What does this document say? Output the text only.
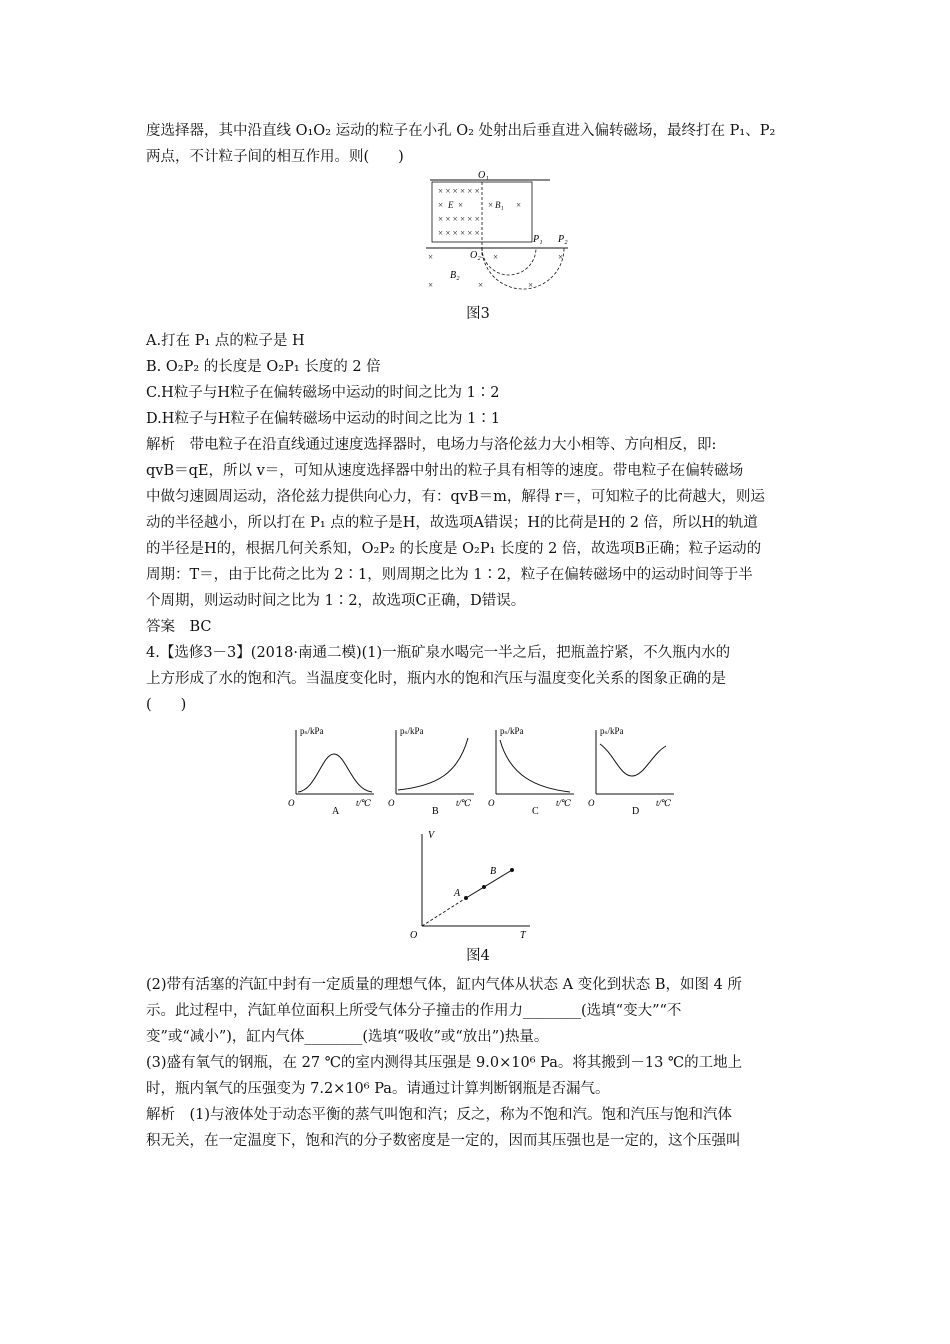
度选择器，其中沿直线 O₁O₂ 运动的粒子在小孔 O₂ 处射出后垂直进入偏转磁场，最终打在 P₁、P₂
两点，不计粒子间的相互作用。则(　　)
O₁
× × × × × ×
× E ×	× B₁ ×
× × × × × ×
× × × × × ×
P₁ P₂
O₂
×	×	×
×	×	×
B₂
图3
A.打在 P₁ 点的粒子是 H
B. O₂P₂ 的长度是 O₂P₁ 长度的 2 倍
C.H粒子与H粒子在偏转磁场中运动的时间之比为 1∶2
D.H粒子与H粒子在偏转磁场中运动的时间之比为 1∶1
解析　带电粒子在沿直线通过速度选择器时，电场力与洛伦兹力大小相等、方向相反，即:
qvB＝qE，所以 v＝，可知从速度选择器中射出的粒子具有相等的速度。带电粒子在偏转磁场
中做匀速圆周运动，洛伦兹力提供向心力，有：qvB＝m，解得 r＝，可知粒子的比荷越大，则运
动的半径越小，所以打在 P₁ 点的粒子是H，故选项A错误；H的比荷是H的 2 倍，所以H的轨道
的半径是H的，根据几何关系知，O₂P₂ 的长度是 O₂P₁ 长度的 2 倍，故选项B正确；粒子运动的
周期：T＝，由于比荷之比为 2∶1，则周期之比为 1∶2，粒子在偏转磁场中的运动时间等于半
个周期，则运动时间之比为 1∶2，故选项C正确，D错误。
答案　BC
4.【选修3－3】(2018·南通二模)(1)一瓶矿泉水喝完一半之后，把瓶盖拧紧，不久瓶内水的
上方形成了水的饱和汽。当温度变化时，瓶内水的饱和汽压与温度变化关系的图象正确的是
(　　)
pₛ/kPa
O	t/℃
A
pₛ/kPa
O	t/℃
B
pₛ/kPa
O	t/℃
C
pₛ/kPa
O	t/℃
D
V
O	T
A
B
图4
(2)带有活塞的汽缸中封有一定质量的理想气体，缸内气体从状态 A 变化到状态 B，如图 4 所
示。此过程中，汽缸单位面积上所受气体分子撞击的作用力________(选填“变大”“不
变”或“减小”)，缸内气体________(选填“吸收”或“放出”)热量。
(3)盛有氧气的钢瓶，在 27 ℃的室内测得其压强是 9.0×10⁶ Pa。将其搬到－13 ℃的工地上
时，瓶内氧气的压强变为 7.2×10⁶ Pa。请通过计算判断钢瓶是否漏气。
解析　(1)与液体处于动态平衡的蒸气叫饱和汽；反之，称为不饱和汽。饱和汽压与饱和汽体
积无关，在一定温度下，饱和汽的分子数密度是一定的，因而其压强也是一定的，这个压强叫
